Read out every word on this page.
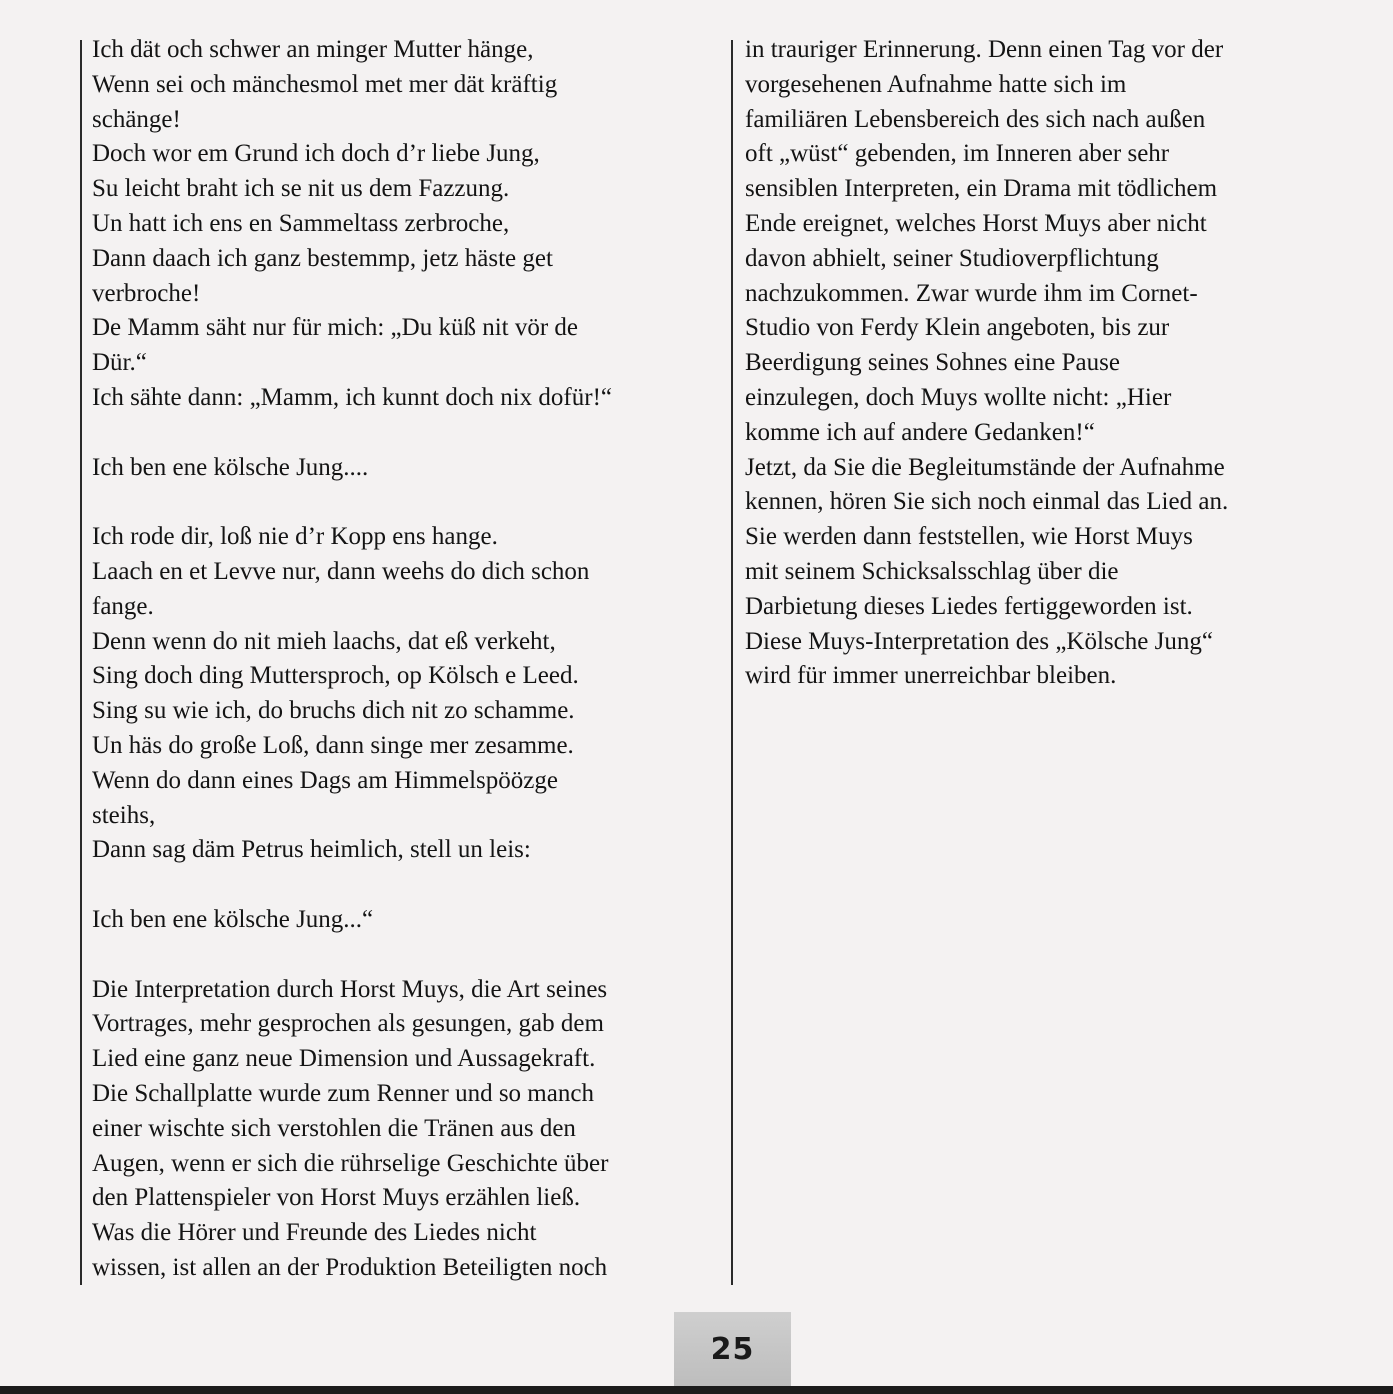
Ich dät och schwer an minger Mutter hänge,
Wenn sei och mänchesmol met mer dät kräftig
schänge!
Doch wor em Grund ich doch d’r liebe Jung,
Su leicht braht ich se nit us dem Fazzung.
Un hatt ich ens en Sammeltass zerbroche,
Dann daach ich ganz bestemmp, jetz häste get
verbroche!
De Mamm säht nur für mich: „Du küß nit vör de
Dür.“
Ich sähte dann: „Mamm, ich kunnt doch nix dofür!“
Ich ben ene kölsche Jung....
Ich rode dir, loß nie d’r Kopp ens hange.
Laach en et Levve nur, dann weehs do dich schon
fange.
Denn wenn do nit mieh laachs, dat eß verkeht,
Sing doch ding Muttersproch, op Kölsch e Leed.
Sing su wie ich, do bruchs dich nit zo schamme.
Un häs do große Loß, dann singe mer zesamme.
Wenn do dann eines Dags am Himmelspöözge
steihs,
Dann sag däm Petrus heimlich, stell un leis:
Ich ben ene kölsche Jung...“
Die Interpretation durch Horst Muys, die Art seines
Vortrages, mehr gesprochen als gesungen, gab dem
Lied eine ganz neue Dimension und Aussagekraft.
Die Schallplatte wurde zum Renner und so manch
einer wischte sich verstohlen die Tränen aus den
Augen, wenn er sich die rührselige Geschichte über
den Plattenspieler von Horst Muys erzählen ließ.
Was die Hörer und Freunde des Liedes nicht
wissen, ist allen an der Produktion Beteiligten noch
in trauriger Erinnerung. Denn einen Tag vor der
vorgesehenen Aufnahme hatte sich im
familiären Lebensbereich des sich nach außen
oft „wüst“ gebenden, im Inneren aber sehr
sensiblen Interpreten, ein Drama mit tödlichem
Ende ereignet, welches Horst Muys aber nicht
davon abhielt, seiner Studioverpflichtung
nachzukommen. Zwar wurde ihm im Cornet-
Studio von Ferdy Klein angeboten, bis zur
Beerdigung seines Sohnes eine Pause
einzulegen, doch Muys wollte nicht: „Hier
komme ich auf andere Gedanken!“
Jetzt, da Sie die Begleitumstände der Aufnahme
kennen, hören Sie sich noch einmal das Lied an.
Sie werden dann feststellen, wie Horst Muys
mit seinem Schicksalsschlag über die
Darbietung dieses Liedes fertiggeworden ist.
Diese Muys-Interpretation des „Kölsche Jung“
wird für immer unerreichbar bleiben.
25
